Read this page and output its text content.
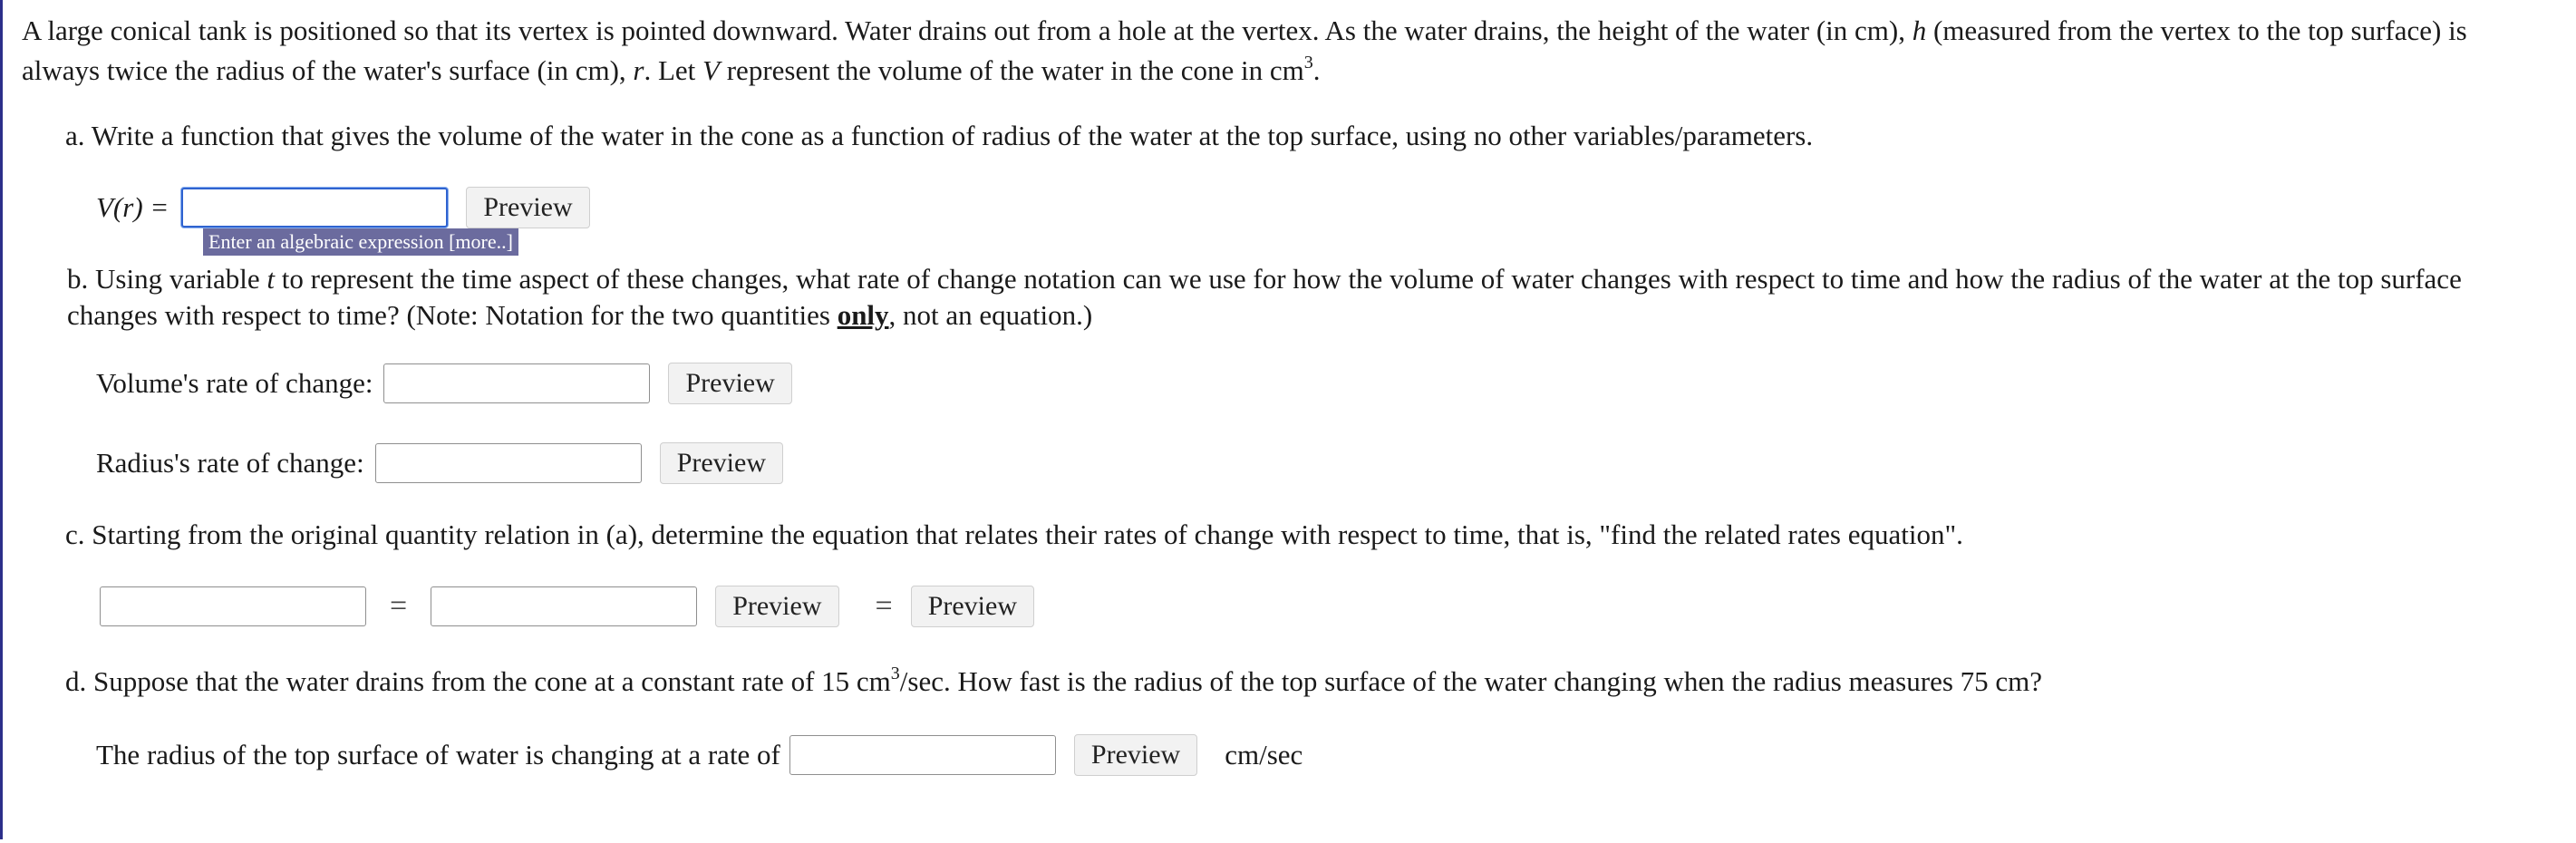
A large conical tank is positioned so that its vertex is pointed downward. Water drains out from a hole at the vertex. As the water drains, the height of the water (in cm), h (measured from the vertex to the top surface) is always twice the radius of the water's surface (in cm), r. Let V represent the volume of the water in the cone in $cm^3$.
a. Write a function that gives the volume of the water in the cone as a function of radius of the water at the top surface, using no other variables/parameters.
V(r) =	Preview
Enter an algebraic expression [more..]
b. Using variable t to represent the time aspect of these changes, what rate of change notation can we use for how the volume of water changes with respect to time and how the radius of the water at the top surface changes with respect to time? (Note: Notation for the two quantities only, not an equation.)
Volume's rate of change:	Preview
Radius's rate of change:	Preview
c. Starting from the original quantity relation in (a), determine the equation that relates their rates of change with respect to time, that is, "find the related rates equation".
=	Preview	=	Preview
d. Suppose that the water drains from the cone at a constant rate of 15 $cm^3/\sec$. How fast is the radius of the top surface of the water changing when the radius measures 75 cm?
The radius of the top surface of water is changing at a rate of	Preview	cm/sec
